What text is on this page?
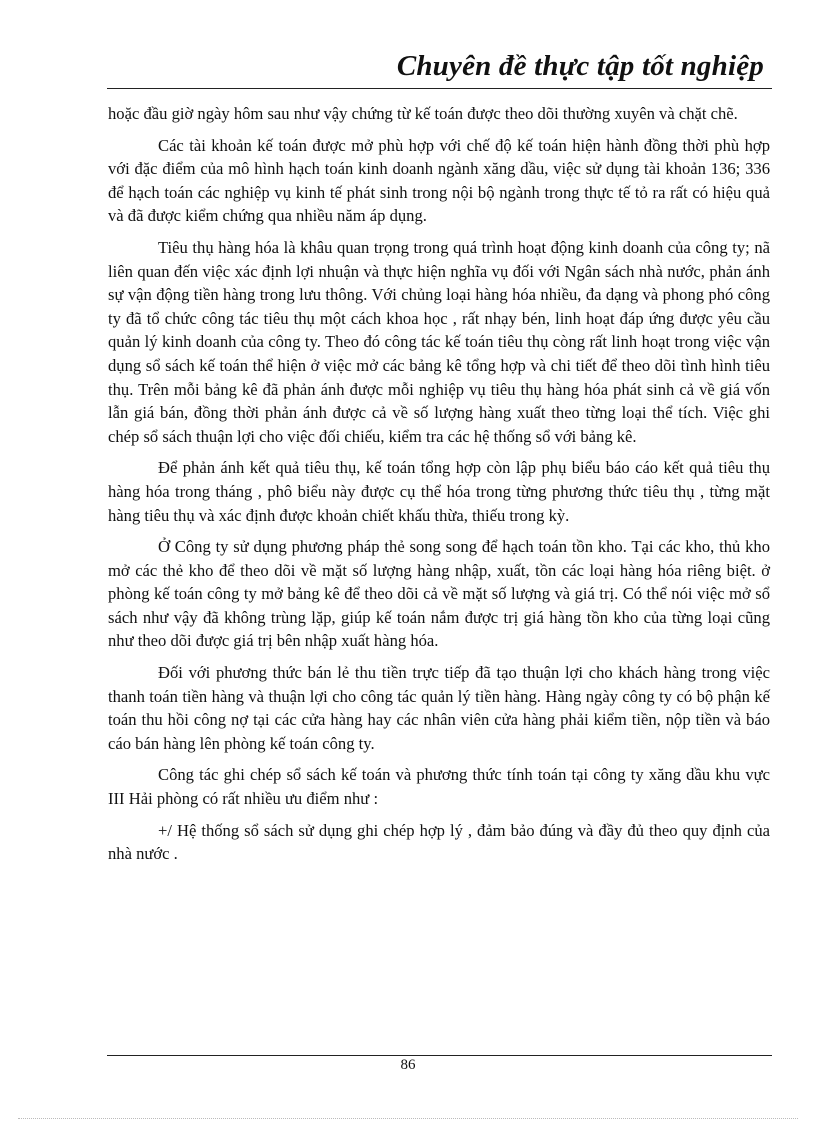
Chuyên đề thực tập tốt nghiệp

hoặc đầu giờ ngày hôm sau như vậy chứng từ kế toán được theo dõi thường xuyên và chặt chẽ.

Các tài khoản kế toán được mở phù hợp với chế độ kế toán hiện hành đồng thời phù hợp với đặc điểm của mô hình hạch toán kinh doanh ngành xăng dầu, việc sử dụng tài khoản 136; 336 để hạch toán các nghiệp vụ kinh tế phát sinh trong nội bộ ngành trong thực tế tỏ ra rất có hiệu quả và đã được kiểm chứng qua nhiều năm áp dụng.

Tiêu thụ hàng hóa là khâu quan trọng trong quá trình hoạt động kinh doanh của công ty; nã liên quan đến việc xác định lợi nhuận và thực hiện nghĩa vụ đối với Ngân sách nhà nước, phản ánh sự vận động tiền hàng trong lưu thông. Với chủng loại hàng hóa nhiều, đa dạng và phong phó công ty đã tổ chức công tác tiêu thụ một cách khoa học , rất nhạy bén, linh hoạt đáp ứng được yêu cầu quản lý kinh doanh của công ty. Theo đó công tác kế toán tiêu thụ còng rất linh hoạt trong việc vận dụng sổ sách kế toán thể hiện ở việc mở các bảng kê tổng hợp và chi tiết để theo dõi tình hình tiêu thụ. Trên mỗi bảng kê đã phản ánh được mỗi nghiệp vụ tiêu thụ hàng hóa phát sinh cả về giá vốn lẫn giá bán, đồng thời phản ánh được cả về số lượng hàng xuất theo từng loại thể tích. Việc ghi chép sổ sách thuận lợi cho việc đối chiếu, kiểm tra các hệ thống sổ với bảng kê.

Để phản ánh kết quả tiêu thụ, kế toán tổng hợp còn lập phụ biểu báo cáo kết quả tiêu thụ hàng hóa trong tháng , phô biểu này được cụ thể hóa trong từng phương thức tiêu thụ , từng mặt hàng tiêu thụ và xác định được khoản chiết khấu thừa, thiếu trong kỳ.

Ở Công ty sử dụng phương pháp thẻ song song để hạch toán tồn kho. Tại các kho, thủ kho mở các thẻ kho để theo dõi về mặt số lượng hàng nhập, xuất, tồn các loại hàng hóa riêng biệt. ở phòng kế toán công ty mở bảng kê để theo dõi cả về mặt số lượng và giá trị. Có thể nói việc mở sổ sách như vậy đã không trùng lặp, giúp kế toán nắm được trị giá hàng tồn kho của từng loại cũng như theo dõi được giá trị bên nhập xuất hàng hóa.

Đối với phương thức bán lẻ thu tiền trực tiếp đã tạo thuận lợi cho khách hàng trong việc thanh toán tiền hàng và thuận lợi cho công tác quản lý tiền hàng. Hàng ngày công ty có bộ phận kế toán thu hồi công nợ tại các cửa hàng hay các nhân viên cửa hàng phải kiểm tiền, nộp tiền và báo cáo bán hàng lên phòng kế toán công ty.

Công tác ghi chép sổ sách kế toán và phương thức tính toán tại công ty xăng dầu khu vực III Hải phòng có rất nhiều ưu điểm như :

+/ Hệ thống sổ sách sử dụng ghi chép hợp lý , đảm bảo đúng và đầy đủ theo quy định của nhà nước .

86
